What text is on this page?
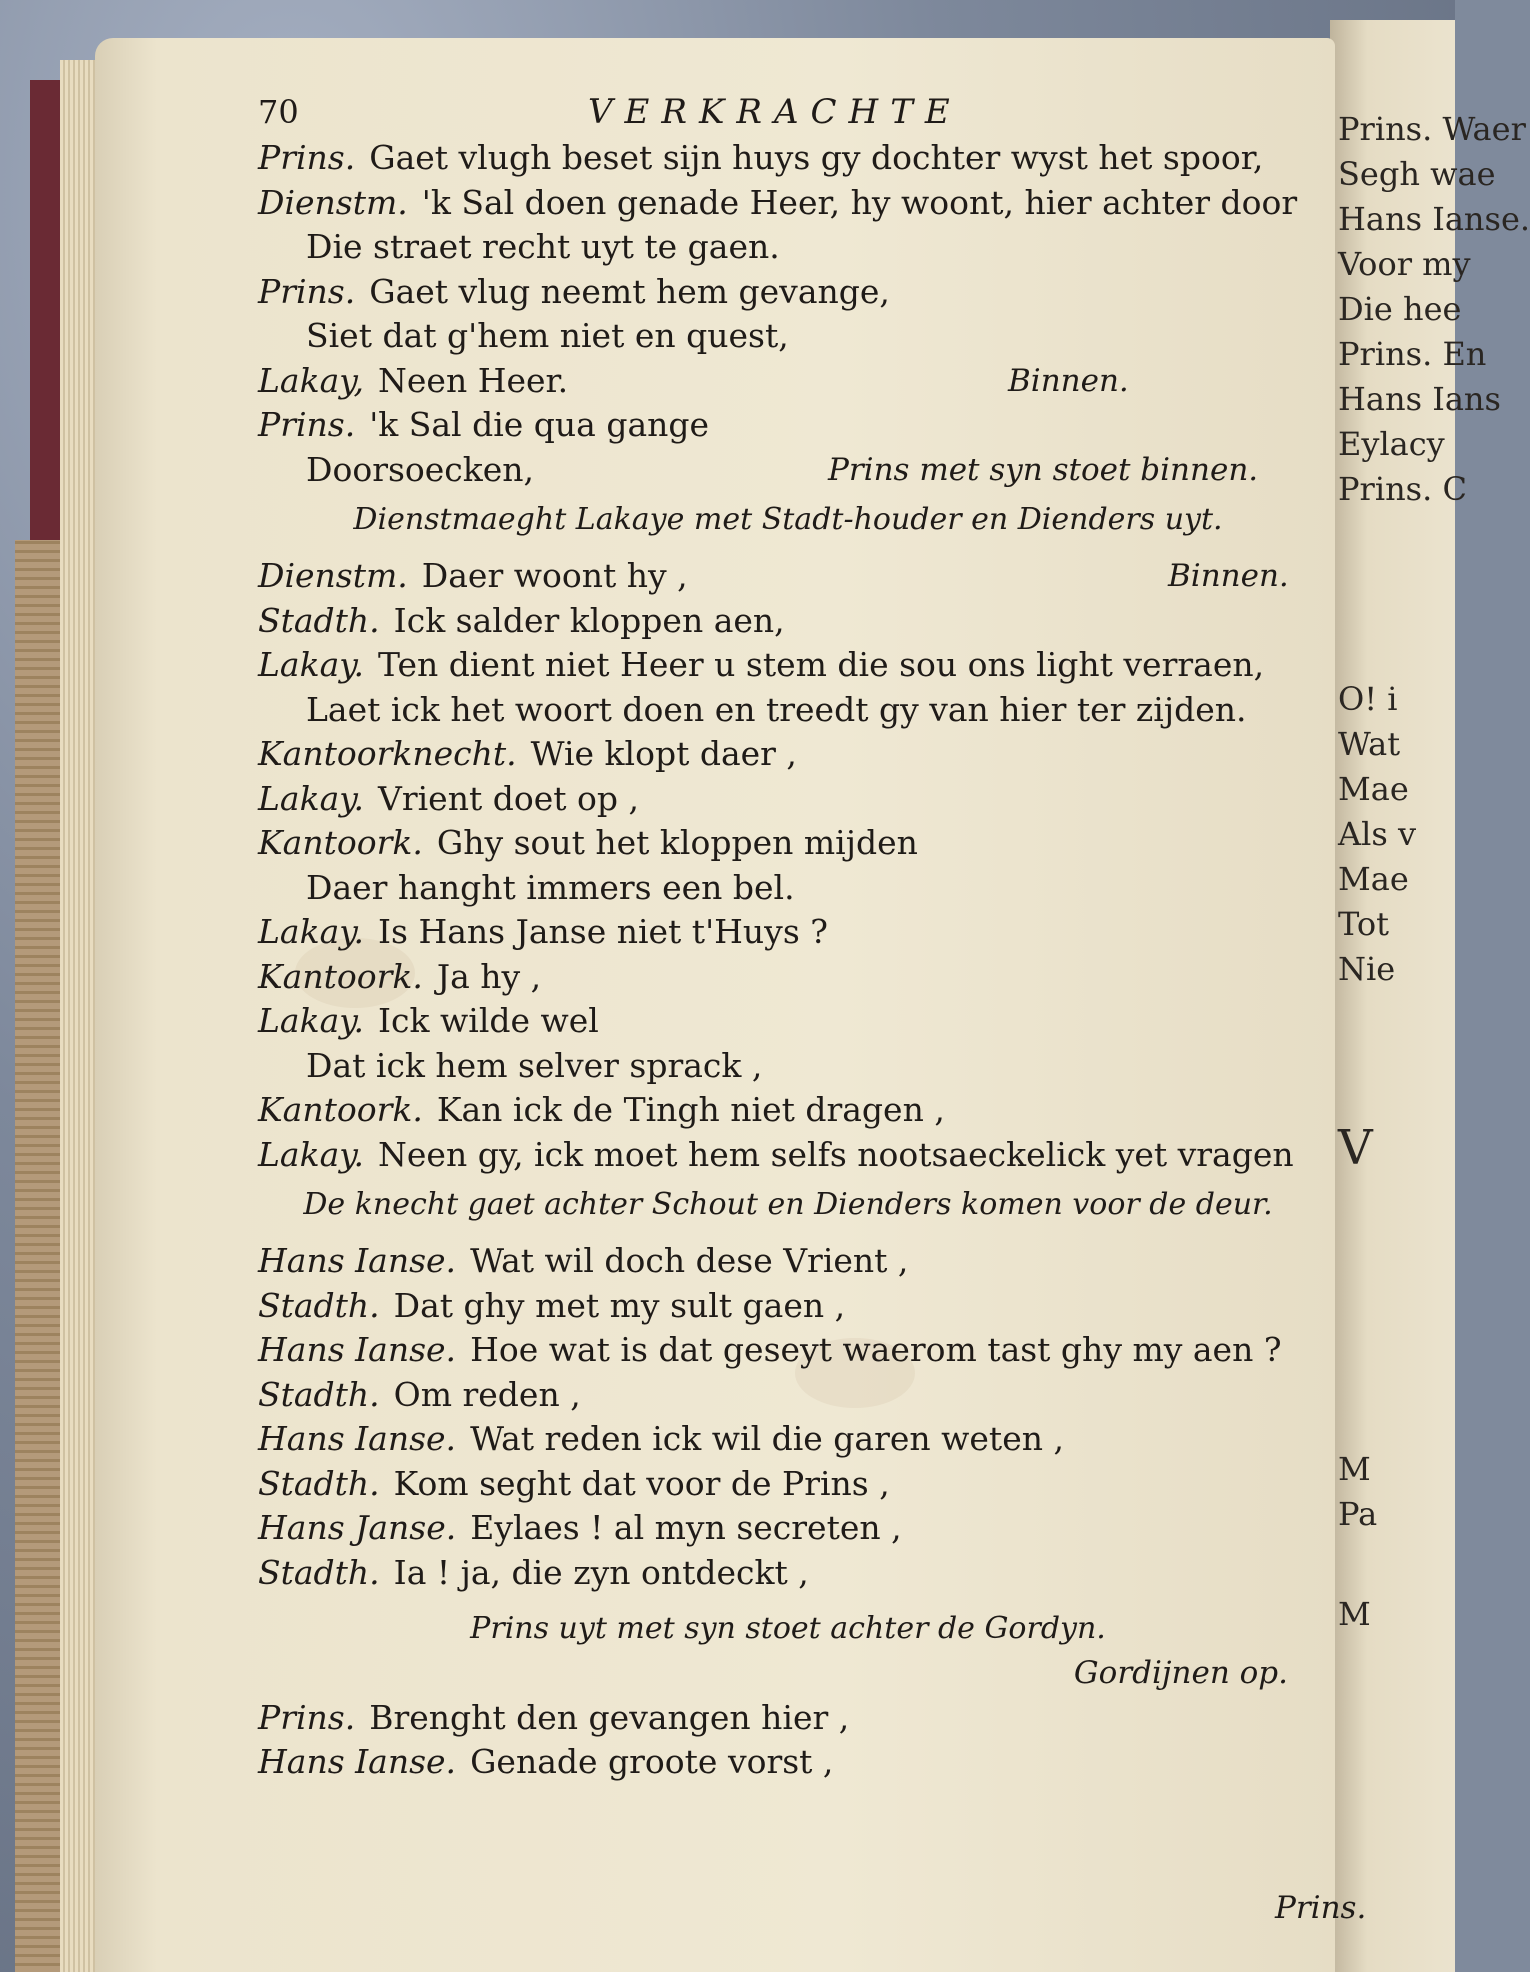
Prins. Waer
Segh wae
Hans Ianse.
Voor my
Die hee
Prins. En
Hans Ians
Eylacy
Prins. C
O! i
Wat
Mae
Als v
Mae
Tot
Nie
V
M
Pa
M
70	VERKRACHTE
Prins. Gaet vlugh beset sijn huys gy dochter wyst het spoor,
Dienstm. 'k Sal doen genade Heer, hy woont, hier achter door
Die straet recht uyt te gaen.
Prins. Gaet vlug neemt hem gevange,
Siet dat g'hem niet en quest,
Lakay, Neen Heer.	Binnen.
Prins. 'k Sal die qua gange
Doorsoecken,	Prins met syn stoet binnen.
Dienstmaeght Lakaye met Stadt-houder en Dienders uyt.
Dienstm. Daer woont hy ,	Binnen.
Stadth. Ick salder kloppen aen,
Lakay. Ten dient niet Heer u stem die sou ons light verraen,
Laet ick het woort doen en treedt gy van hier ter zijden.
Kantoorknecht. Wie klopt daer ,
Lakay. Vrient doet op ,
Kantoork. Ghy sout het kloppen mijden
Daer hanght immers een bel.
Lakay. Is Hans Janse niet t'Huys ?
Kantoork. Ja hy ,
Lakay. Ick wilde wel
Dat ick hem selver sprack ,
Kantoork. Kan ick de Tingh niet dragen ,
Lakay. Neen gy, ick moet hem selfs nootsaeckelick yet vragen
De knecht gaet achter Schout en Dienders komen voor de deur.
Hans Ianse. Wat wil doch dese Vrient ,
Stadth. Dat ghy met my sult gaen ,
Hans Ianse. Hoe wat is dat geseyt waerom tast ghy my aen ?
Stadth. Om reden ,
Hans Ianse. Wat reden ick wil die garen weten ,
Stadth. Kom seght dat voor de Prins ,
Hans Janse. Eylaes ! al myn secreten ,
Stadth. Ia ! ja, die zyn ontdeckt ,
Prins uyt met syn stoet achter de Gordyn.
Gordijnen op.
Prins. Brenght den gevangen hier ,
Hans Ianse. Genade groote vorst ,
Prins.
